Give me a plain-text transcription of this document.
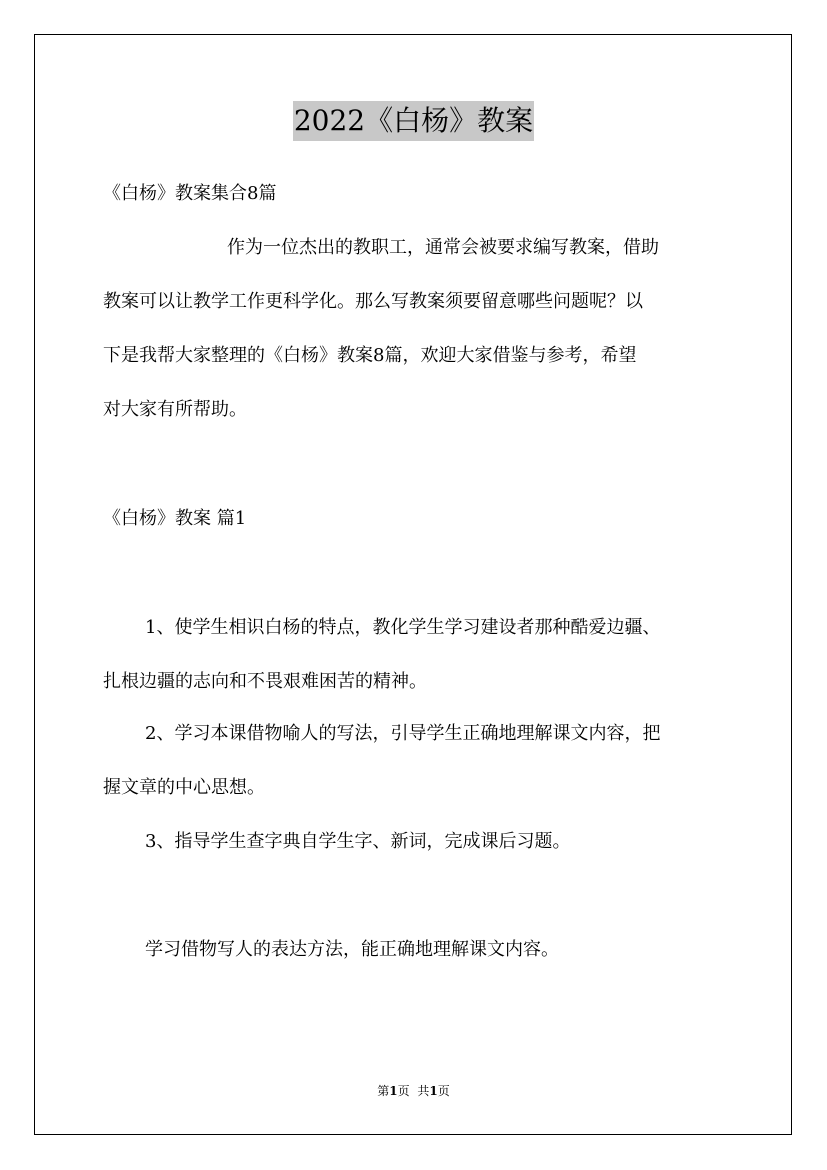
2022《白杨》教案
《白杨》教案集合8篇
作为一位杰出的教职工，通常会被要求编写教案，借助
教案可以让教学工作更科学化。那么写教案须要留意哪些问题呢？以
下是我帮大家整理的《白杨》教案8篇，欢迎大家借鉴与参考，希望
对大家有所帮助。
《白杨》教案 篇1
1、使学生相识白杨的特点，教化学生学习建设者那种酷爱边疆、
扎根边疆的志向和不畏艰难困苦的精神。
2、学习本课借物喻人的写法，引导学生正确地理解课文内容，把
握文章的中心思想。
3、指导学生查字典自学生字、新词，完成课后习题。
学习借物写人的表达方法，能正确地理解课文内容。
第1页 共1页
